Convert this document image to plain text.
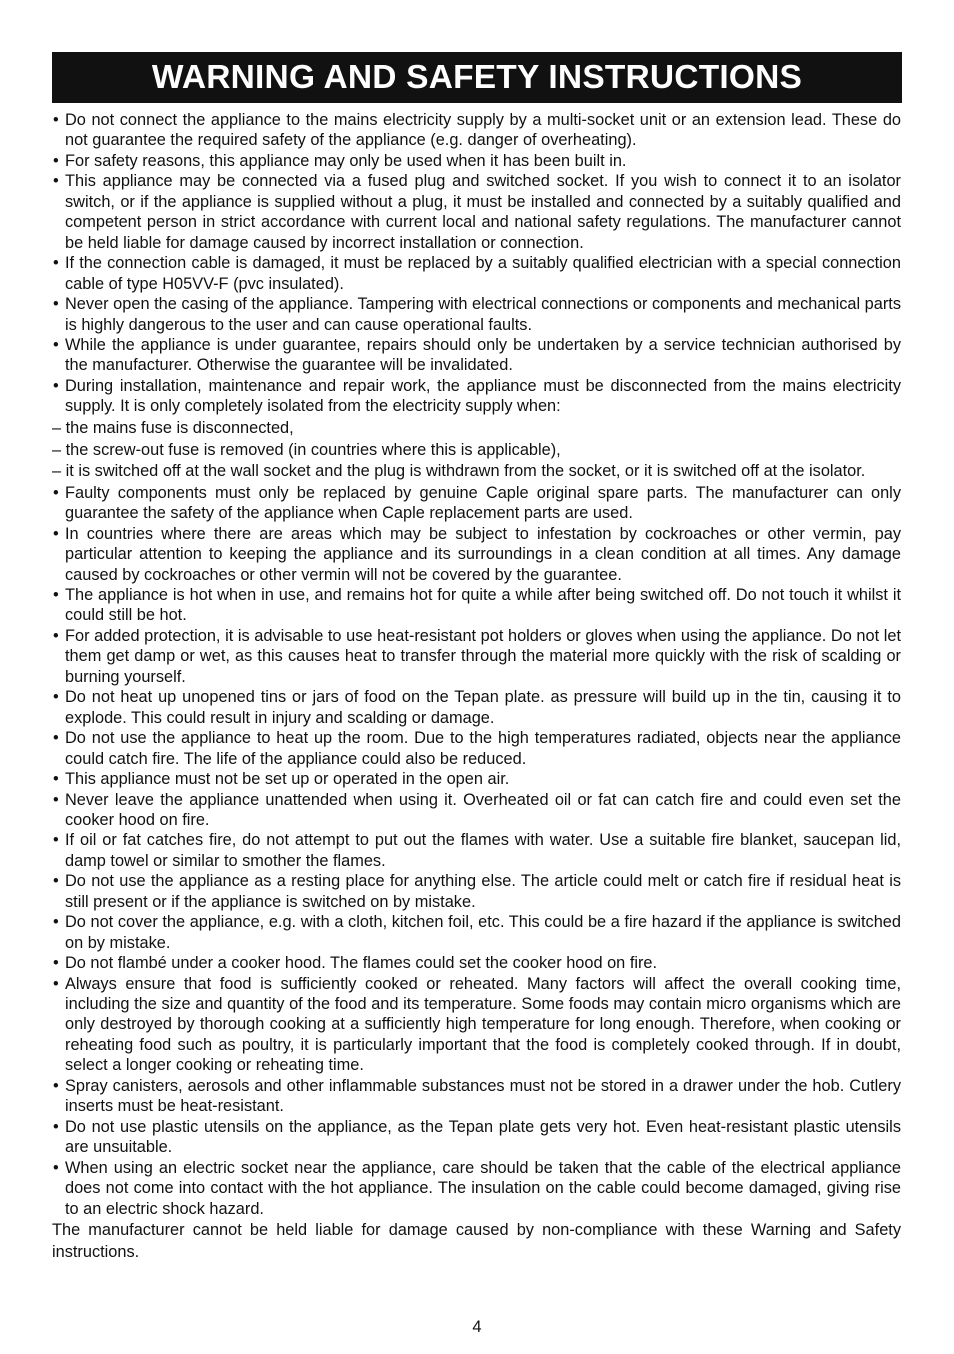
WARNING AND SAFETY INSTRUCTIONS

• Do not connect the appliance to the mains electricity supply by a multi-socket unit or an extension lead. These do not guarantee the required safety of the appliance (e.g. danger of overheating).

• For safety reasons, this appliance may only be used when it has been built in.

• This appliance may be connected via a fused plug and switched socket. If you wish to connect it to an isolator switch, or if the appliance is supplied without a plug, it must be installed and connected by a suitably qualified and competent person in strict accordance with current local and national safety regulations. The manufacturer cannot be held liable for damage caused by incorrect installation or connection.

• If the connection cable is damaged, it must be replaced by a suitably qualified electrician with a special connection cable of type H05VV-F (pvc insulated).

• Never open the casing of the appliance. Tampering with electrical connections or components and mechanical parts is highly dangerous to the user and can cause operational faults.

• While the appliance is under guarantee, repairs should only be undertaken by a service technician authorised by the manufacturer. Otherwise the guarantee will be invalidated.

• During installation, maintenance and repair work, the appliance must be disconnected from the mains electricity supply. It is only completely isolated from the electricity supply when:

– the mains fuse is disconnected,

– the screw-out fuse is removed (in countries where this is applicable),

– it is switched off at the wall socket and the plug is withdrawn from the socket, or it is switched off at the isolator.

• Faulty components must only be replaced by genuine Caple original spare parts. The manufacturer can only guarantee the safety of the appliance when Caple replacement parts are used.

• In countries where there are areas which may be subject to infestation by cockroaches or other vermin, pay particular attention to keeping the appliance and its surroundings in a clean condition at all times. Any damage caused by cockroaches or other vermin will not be covered by the guarantee.

• The appliance is hot when in use, and remains hot for quite a while after being switched off. Do not touch it whilst it could still be hot.

• For added protection, it is advisable to use heat-resistant pot holders or gloves when using the appliance. Do not let them get damp or wet, as this causes heat to transfer through the material more quickly with the risk of scalding or burning yourself.

• Do not heat up unopened tins or jars of food on the Tepan plate. as pressure will build up in the tin, causing it to explode. This could result in injury and scalding or damage.

• Do not use the appliance to heat up the room. Due to the high temperatures radiated, objects near the appliance could catch fire. The life of the appliance could also be reduced.

• This appliance must not be set up or operated in the open air.

• Never leave the appliance unattended when using it. Overheated oil or fat can catch fire and could even set the cooker hood on fire.

• If oil or fat catches fire, do not attempt to put out the flames with water. Use a suitable fire blanket, saucepan lid, damp towel or similar to smother the flames.

• Do not use the appliance as a resting place for anything else. The article could melt or catch fire if residual heat is still present or if the appliance is switched on by mistake.

• Do not cover the appliance, e.g. with a cloth, kitchen foil, etc. This could be a fire hazard if the appliance is switched on by mistake.

• Do not flambé under a cooker hood. The flames could set the cooker hood on fire.

• Always ensure that food is sufficiently cooked or reheated. Many factors will affect the overall cooking time, including the size and quantity of the food and its temperature. Some foods may contain micro organisms which are only destroyed by thorough cooking at a sufficiently high temperature for long enough. Therefore, when cooking or reheating food such as poultry, it is particularly important that the food is completely cooked through. If in doubt, select a longer cooking or reheating time.

• Spray canisters, aerosols and other inflammable substances must not be stored in a drawer under the hob. Cutlery inserts must be heat-resistant.

• Do not use plastic utensils on the appliance, as the Tepan plate gets very hot. Even heat-resistant plastic utensils are unsuitable.

• When using an electric socket near the appliance, care should be taken that the cable of the electrical appliance does not come into contact with the hot appliance. The insulation on the cable could become damaged, giving rise to an electric shock hazard.

The manufacturer cannot be held liable for damage caused by non-compliance with these Warning and Safety instructions.

4
